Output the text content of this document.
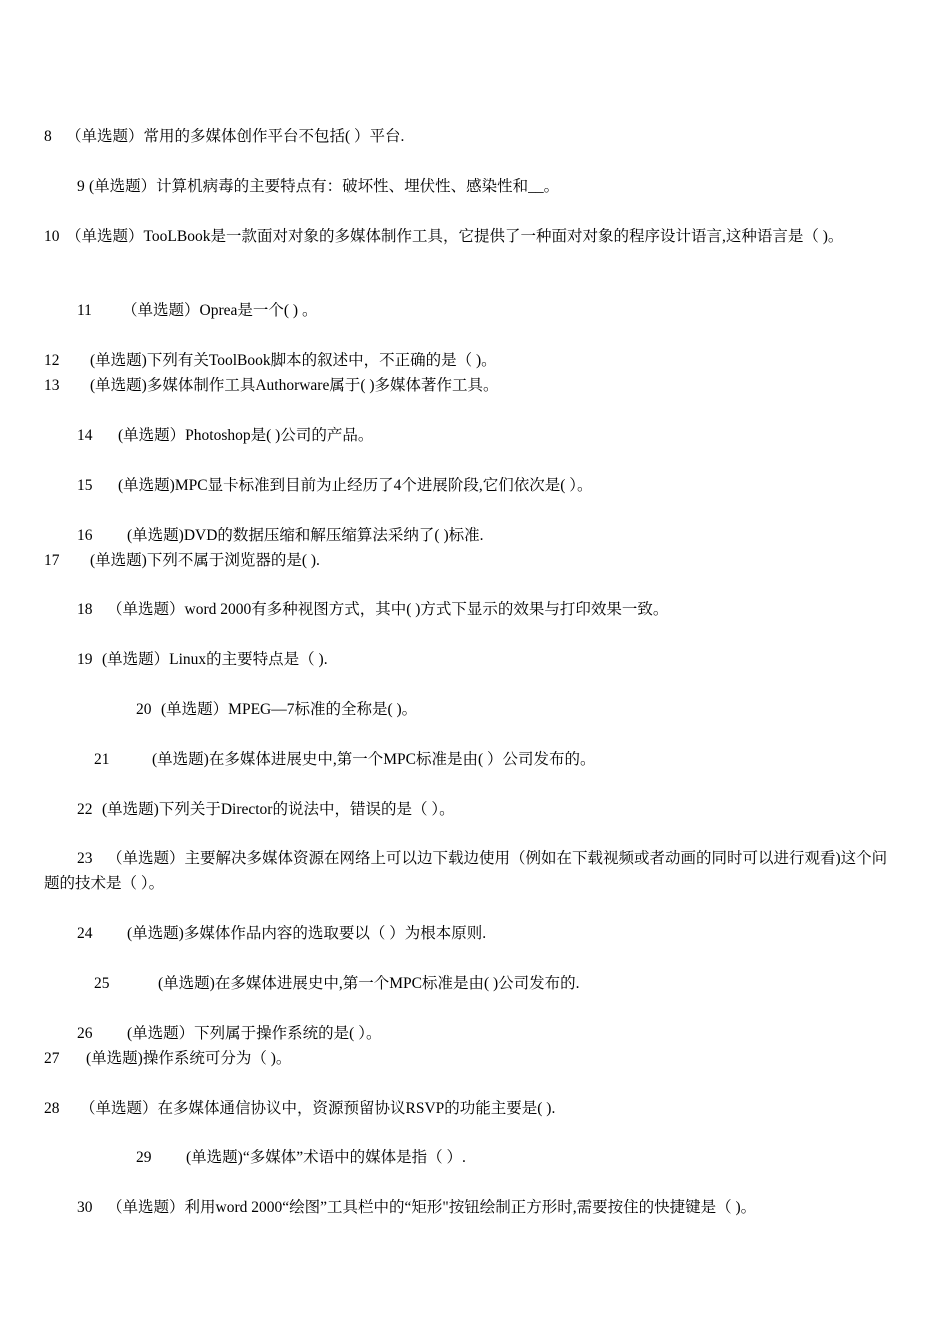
8 （单选题）常用的多媒体创作平台不包括( ）平台.
9 (单选题）计算机病毒的主要特点有：破坏性、埋伏性、感染性和__。
10 （单选题）TooLBook是一款面对对象的多媒体制作工具，它提供了一种面对对象的程序设计语言,这种语言是（ )。
11 （单选题）Oprea是一个( ) 。
12 (单选题)下列有关ToolBook脚本的叙述中，不正确的是（ )。
13 (单选题)多媒体制作工具Authorware属于( )多媒体著作工具。
14 (单选题）Photoshop是( )公司的产品。
15 (单选题)MPC显卡标准到目前为止经历了4个进展阶段,它们依次是( ）。
16 (单选题)DVD的数据压缩和解压缩算法采纳了( )标准.
17 (单选题)下列不属于浏览器的是( ).
18 （单选题）word 2000有多种视图方式，其中( )方式下显示的效果与打印效果一致。
19 (单选题）Linux的主要特点是（ ).
20 (单选题）MPEG—7标准的全称是( )。
21	(单选题)在多媒体进展史中,第一个MPC标准是由( ）公司发布的。
22 (单选题)下列关于Director的说法中，错误的是（ ）。
23 （单选题）主要解决多媒体资源在网络上可以边下载边使用（例如在下载视频或者动画的同时可以进行观看)这个问题的技术是（ ）。
24 (单选题)多媒体作品内容的选取要以（ ）为根本原则.
25	(单选题)在多媒体进展史中,第一个MPC标准是由( )公司发布的.
26 (单选题）下列属于操作系统的是( ）。
27 (单选题)操作系统可分为（ )。
28 （单选题）在多媒体通信协议中，资源预留协议RSVP的功能主要是( ).
29 (单选题)“多媒体”术语中的媒体是指（ ）.
30 （单选题）利用word 2000“绘图”工具栏中的“矩形"按钮绘制正方形时,需要按住的快捷键是（ )。
